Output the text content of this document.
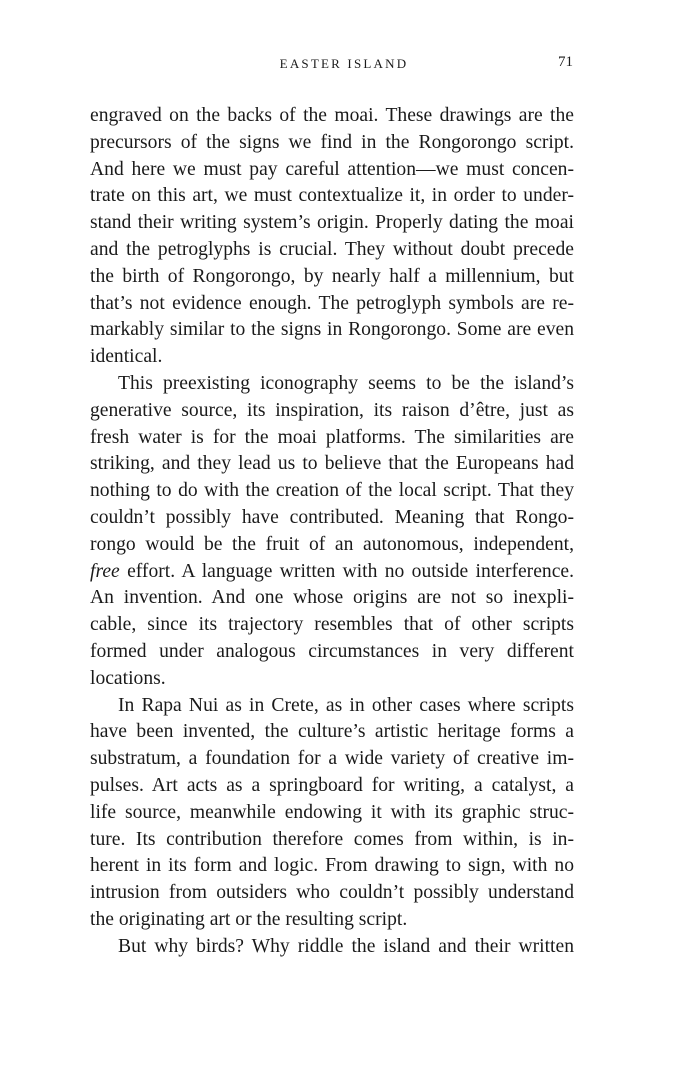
EASTER ISLAND	71
engraved on the backs of the moai. These drawings are the
precursors of the signs we find in the Rongorongo script.
And here we must pay careful attention—we must concen-
trate on this art, we must contextualize it, in order to under-
stand their writing system’s origin. Properly dating the moai
and the petroglyphs is crucial. They without doubt precede
the birth of Rongorongo, by nearly half a millennium, but
that’s not evidence enough. The petroglyph symbols are re-
markably similar to the signs in Rongorongo. Some are even
identical.
This preexisting iconography seems to be the island’s
generative source, its inspiration, its raison d’être, just as
fresh water is for the moai platforms. The similarities are
striking, and they lead us to believe that the Europeans had
nothing to do with the creation of the local script. That they
couldn’t possibly have contributed. Meaning that Rongo-
rongo would be the fruit of an autonomous, independent,
free effort. A language written with no outside interference.
An invention. And one whose origins are not so inexpli-
cable, since its trajectory resembles that of other scripts
formed under analogous circumstances in very different
locations.
In Rapa Nui as in Crete, as in other cases where scripts
have been invented, the culture’s artistic heritage forms a
substratum, a foundation for a wide variety of creative im-
pulses. Art acts as a springboard for writing, a catalyst, a
life source, meanwhile endowing it with its graphic struc-
ture. Its contribution therefore comes from within, is in-
herent in its form and logic. From drawing to sign, with no
intrusion from outsiders who couldn’t possibly understand
the originating art or the resulting script.
But why birds? Why riddle the island and their written
